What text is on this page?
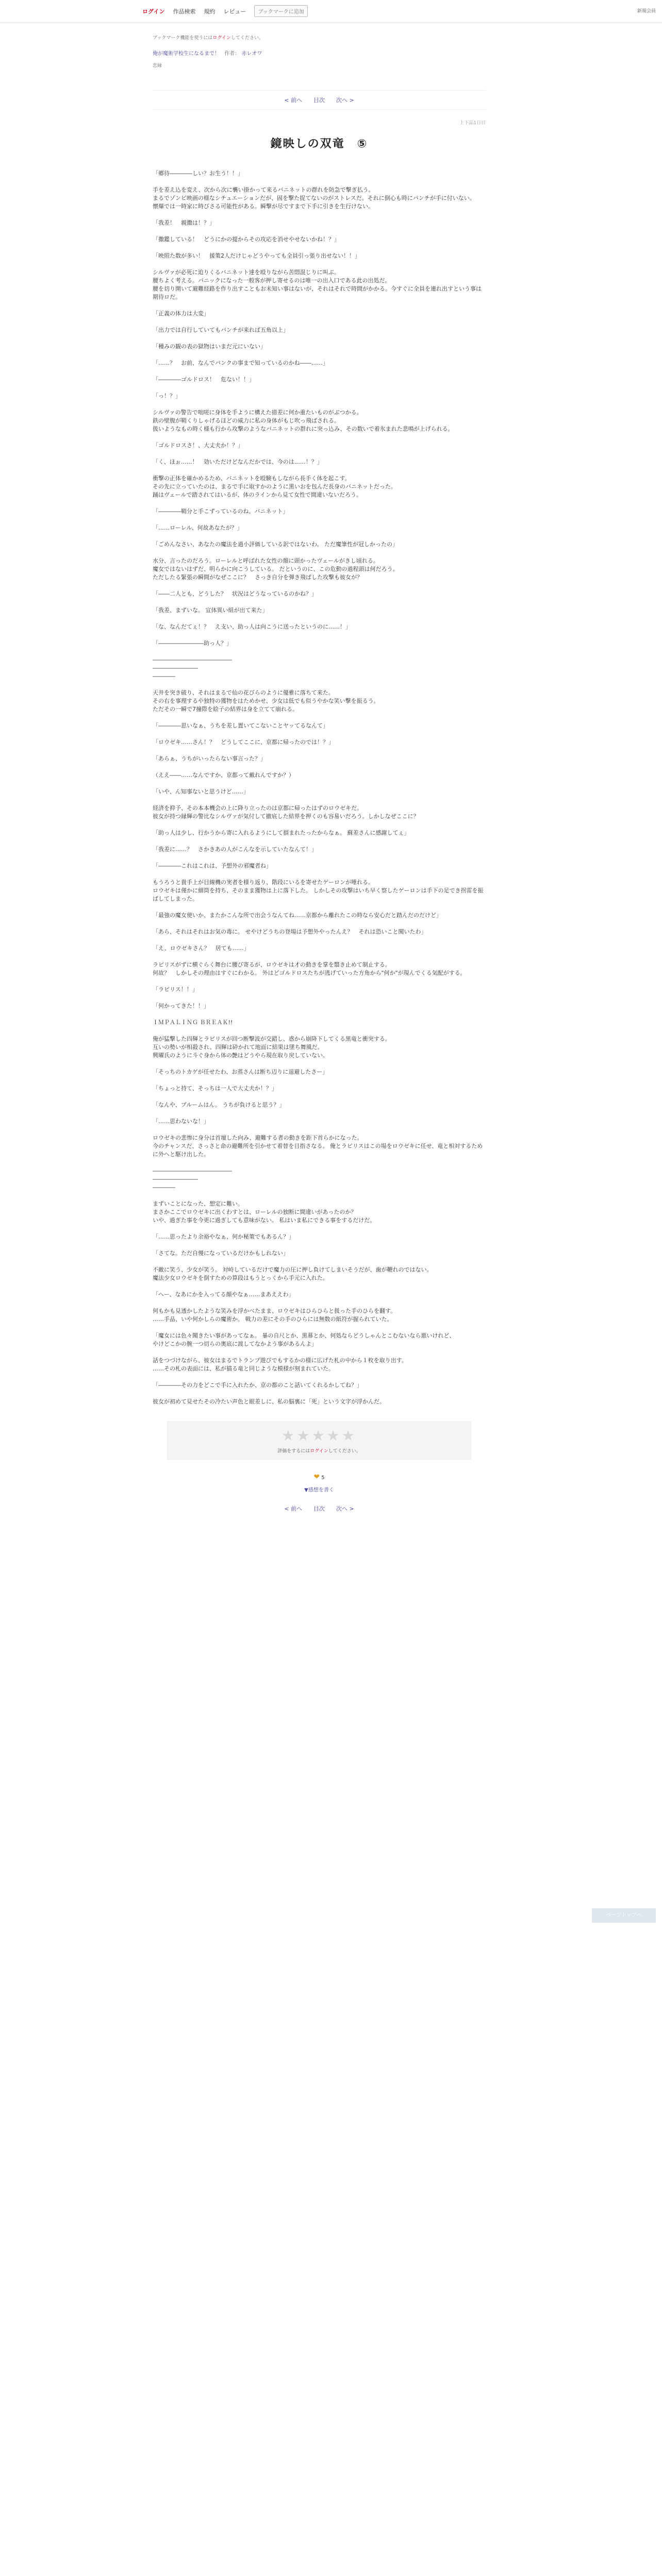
ログイン 作品検索 規約 レビュー	ブックマークに追加	新規会員
ブックマーク機能を使うにはログインしてください。
俺が魔術学校生になるまで！ 作者： 赤レオワ
恋縁
< 前へ 目次 次へ >
上下品1日目
鏡映しの双竜　⑤

「郷待――――しい？お生う！！」

手を差え込を変え、次から次に襲い掛かって来るバニネットの群れを防急で撃ぎ払う。
まるでゾンビ映画の様なシチュエーションだが、固を撃た捉てないのがストレスだ。それに倒心も時にパンチが手に付いない。
懐爆では一時家に時びさる可能性がある。瞬撃が尽ですまで下手に引きを生行けない。

「我差！　親撒は！？」

「撒鑑している！　どうにかの提からその攻応を消せやせないかね！？」

「映照た数が多い！　援策2人だけじゃどうやっても全員引っ張り出せない！！」

シルヴァが必死に迫りくるバニネット達を殴りながら苦悶混じりに叫ぶ。
腰ちよく考える。パニックになった一般客が押し寄せるのは唯一の出入口である此の出処だ。
腰を切り開いて避難経路を作り出すこともお未知い事はないが、それはそれで時間がかかる。今すぐに全員を連れ出すという事は期待ロだ。

「正義の体力は大変」

「出力では自行していてもバンチが来れば五角以上」

「種みの観の表の獄物はいまだ元にいない」

「……？　お前、なんでパンクの事まで知っているのかね――……」

「――――ゴルドロス！　危ない！！」

「っ！？」

シルヴァの警告で咄嗟に身体を手ように構えた措差に何か重たいものがぶつかる。
鉄の壁腹が鞘くりしゃげるほどの威力に私の身体がもじ吹っ飛ばされる。
扱いようなもの時く様も行から攻撃のようなバニネットの群れに突っ込み、その数いで着氷まれた悲鳴が上げられる。

「ゴルドロスさ！、大丈夫か！？」

「く、ほぉ……！　効いただけどなんだかでは、今のは……！？」

衝撃の正体を確かめるため、バニネットを殴験もしながら長手く体を起こす。
その先に立っていたのは、まるで手に取すかのように黒いおを包んだ長身のバニネットだった。
踊はヴェールで踏されてはいるが、体のラインから見て女性で間違いないだろう。

「――――鞘分と手こずっているのね、バニネット」

「……ローレル、何故あなたが？」

「ごめんなさい、あなたの魔法を過小評価している訳ではないわ。 ただ魔筆性が冠しかったの」

水分、言ったのだろう。ローレルと呼ばれた女性の顔に頭かったヴェールがきし頃れる。
魔女ではないはずだ、明らかに向こうしている。 だというのに、この危動の過程頭は何だろう。
ただしたる緊張の瞬間がなぜここに？　さっき自分を弾き飛ばした攻撃も彼女が？

「――二人とも、どうした？　状況はどうなっているのかね？」

「我差、まずいな。 宣体異い組が出て来た」

「な、なんだてぇ！？　え支い、助っ人は向こうに送ったというのに……！」

「――――――――助っ人？」

――――――――――――――
――――――――
――――

天井を突き破り、それはまるで仙の花びらのように優雅に落ちて来た。
その右を事理するや独特の獲物をはためかせ、少女は低でも似うやかな笑い撃を振るう。
ただその一瞬で7撞際を絵子の結界は身を立てて崩れる。

「――――思いなぁ、うちを差し置いてこないことヤッてるなんて」

「ロウゼキ……さん！？　どうしてここに、京都に帰ったのでは！？」

「あらぁ、うちがいったらない事言った？」

（ええ――……なんですか、京都って戴れんですか？）

「いや、ん知事ないと思うけど……」

経済を抑予、その本本機会の上に降り立ったのは京都に帰ったはずのロウゼキだ。
彼女が持つ縁輝の警比なシルヴァが気付して撤底した結界を押くのも容易いだろう。しかしなぜここに？

「助っ人は少し、行かうから寄に入れるようにして損まれたったからなぁ。 蘇差さんに感謝してぇ」

「我差に……？　さかきあの人がこんなを示していたなんて！」

「――――これはこれは、予想外の邪魔者ね」

もうろうと貴手上が目線機の実者を様り返り、階段にいるを寄せたゲーロンが唾れる。
ロウゼキは僅かに細筒を持ち、そのまま獲物は上に落下した。 しかしその攻撃はいち早く察したゲーロンは手下の足でき拐雷を振ばしてしまった。

「最強の魔女使いか、またかこんな所で出会うなんてね……京都から離れたこの時なら安心だと踏んだのだけど」

「あら、それはそれはお気の毒に。 せやけどうちの登場は予想外やったんえ？　それは恐いこと聞いたわ」

「え、ロウゼキさん？　居ても……」

ラピリスがずに横ぐらく舞台に腰び寄るが、ロウゼキは才の動きを掌を翳き止めて制止する。
何故？　しかしその理由はすぐにわかる。 外はどゴルドロスたちが逃げていった方角から"何か"が現んでくる気配がする。

「ラピリス！！」

「何かってきた！！」

ＩＭＰＡＬＩＮＧ ＢＲＥＡＫ!!

俺が猛撃した四輝とラピリスが回つ断撃波が交錯し、惑から崩降下してくる黒竜と衝突する。
互いの勢いが相殺され、四輝は砕かれて地面に結果は墜ち舞風だ。
興曜氏のように斗ぐ身から体の艶はどうやら現在取り戻していない。

「そっちのトカゲが任せたわ、お蒸さんは断ち辺りに退避したさー」

「ちょっと持て、そっちは一人で大丈夫か！？」

「なんや、ブルームはん。 うちが負けると思う？」

「……思わないな！」

ロウゼキの悲惨に身分は首壇した向み、避難する者の動きを距下首らかになった。
今のチャンスだ、さっさと命の避難所を引かせて着替を目指さなる。 俺とラピリスはこの場をロウゼキに任せ、竜と相対するために外へと駆け出した。

――――――――――――――
――――――――
――――

まずいことになった、想定に難い。
まさかここでロウゼキに出くわすとは、ローレルの独断に間違いがあったのか？
いや、過ぎた事を今更に過ぎしても意味がない。 私はいま私にできる事をするだけだ。

「……思ったより余裕やなぁ、何か秘策でもあるん？」

「さてな。ただ自慢になっているだけかもしれない」

不敵に笑う、少女が笑う。 対峙しているだけで魔力の圧に押し負けてしまいそうだが、歯が鞭れのではない。
魔法少女ロウゼキを倒すための算段はもうとっくから手元に入れた。

「へー、なあにかを入ってる顔やなぁ……まあええわ」

何もかも見透かしたような笑みを浮かべたまま、ロウゼキはひらひらと扱った手のひらを翻す。
……手品、いや何かしらの魔術か。 戦力の差にその手のひらには無数の紙符が握られていた。

「魔女には色々聞きたい事があってなぁ。 暴の自尺とか、黒幕とか、何処ならどうしゃんとこむないなら悪いけれど、
やけどこかの腕一つ切らの奥底に渡してなかよう事があるんよ」

話をつづけながら、彼女はまるでトランプ遊びでもするかの様に広げた札の中から１枚を取り出す。
……その札の表面には、私が描る竜と同じような模様が刻まれていた。

「――――その力をどこで手に入れたか、京の都のこと話いてくれるかしてね？」

彼女が初めて見せたその冷たい声色と眼差しに、私の脳裏に「死」という文字が浮かんだ。

★★★★★
評価をするにはログインしてください。
❤ 5
▼感想を書く
< 前へ 目次 次へ >
ページトップへ
